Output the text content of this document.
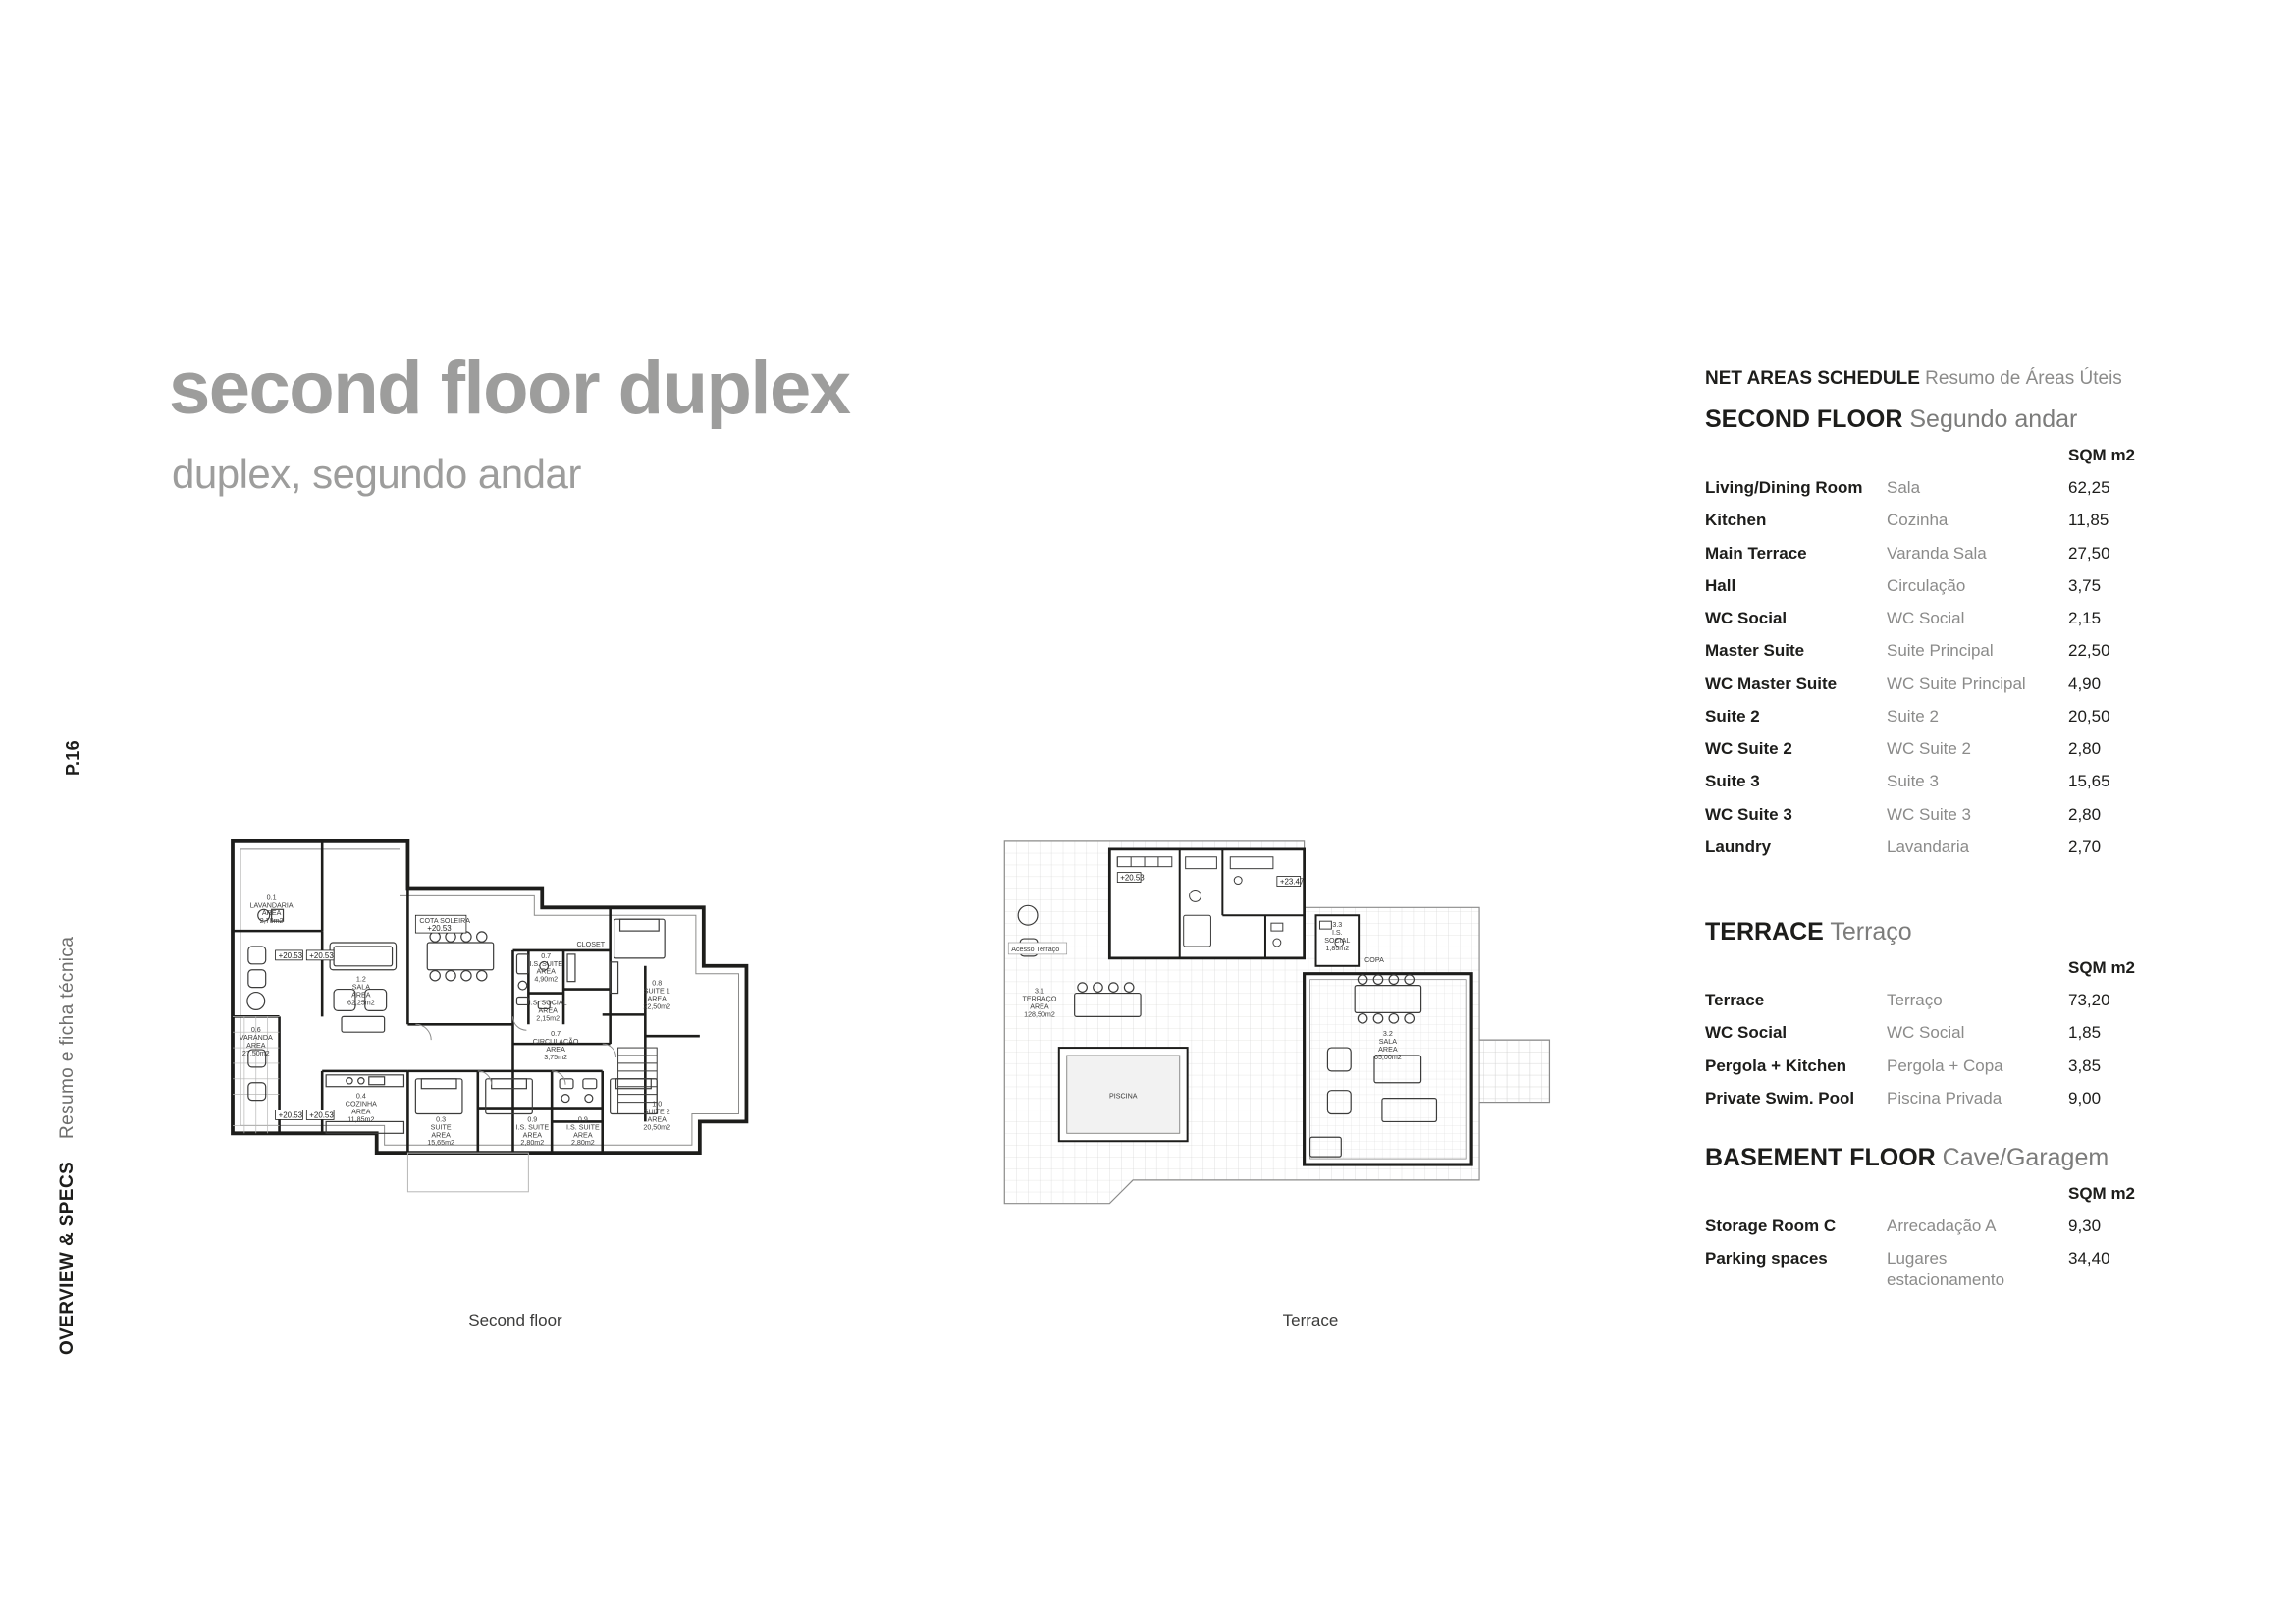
P.16
OVERVIEW & SPECS
Resumo e ficha técnica
second floor duplex
duplex, segundo andar
+20.53 +20.53
+20.53 +20.53
COTA SOLEIRA
+20.53
0.1
LAVANDARIA
AREA
2,70m2
0.6
VARANDA
AREA
27,50m2
1.2
SALA
AREA
62,25m2
0.4
COZINHA
AREA
11,85m2
0.7
I.S. SUITE
AREA
4,90m2	0.8
SUITE 1
AREA
22,50m2
I.S. SOCIAL
AREA
2,15m2
0.7
CIRCULAÇÃO
AREA
3,75m2
0.3
SUITE
AREA
15,65m2
0.9
I.S. SUITE
AREA
2,80m2
0.9
I.S. SUITE
AREA
2,80m2
1.0
SUITE 2
AREA
20,50m2
CLOSET
Second floor
PISCINA
Acesso Terraço
+20.53	+23.47
3.1
TERRAÇO
AREA
128,50m2
3.2
SALA
AREA
65,00m2
3.3
I.S.
SOCIAL
1,85m2
COPA
Terrace
NET AREAS SCHEDULE Resumo de Áreas Úteis
SECOND FLOOR Segundo andar
		SQM m2
Living/Dining Room	Sala	62,25
Kitchen	Cozinha	11,85
Main Terrace	Varanda Sala	27,50
Hall	Circulação	3,75
WC Social	WC Social	2,15
Master Suite	Suite Principal	22,50
WC Master Suite	WC Suite Principal	4,90
Suite 2	Suite 2	20,50
WC Suite 2	WC Suite 2	2,80
Suite 3	Suite 3	15,65
WC Suite 3	WC Suite 3	2,80
Laundry	Lavandaria	2,70
TERRACE Terraço
		SQM m2
Terrace	Terraço	73,20
WC Social	WC Social	1,85
Pergola + Kitchen	Pergola + Copa	3,85
Private Swim. Pool	Piscina Privada	9,00
BASEMENT FLOOR Cave/Garagem
		SQM m2
Storage Room C	Arrecadação A	9,30
Parking spaces	Lugares estacionamento	34,40
